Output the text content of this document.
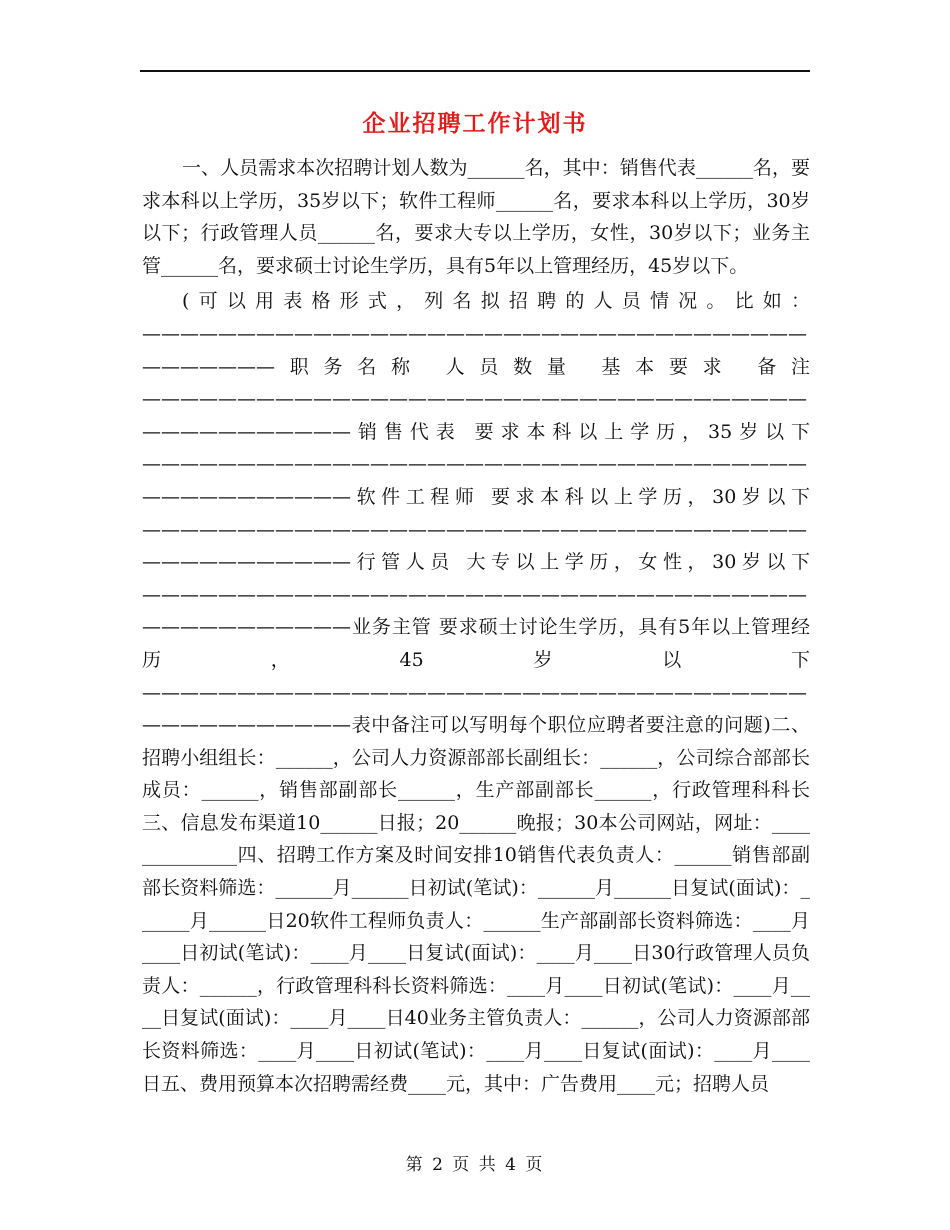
企业招聘工作计划书

一、人员需求本次招聘计划人数为______名，其中：销售代表______名，要求本科以上学历，35岁以下；软件工程师______名，要求本科以上学历，30岁以下；行政管理人员______名，要求大专以上学历，女性，30岁以下；业务主管______名，要求硕士讨论生学历，具有5年以上管理经历，45岁以下。

(可以用表格形式，列名拟招聘的人员情况。比如：——————————————————————————————————————————职务名称 人员数量 基本要求 备注——————————————————————————————————————————————销售代表 要求本科以上学历，35岁以下——————————————————————————————————————————————软件工程师 要求本科以上学历，30岁以下——————————————————————————————————————————————行管人员 大专以上学历，女性，30岁以下——————————————————————————————————————————————业务主管 要求硕士讨论生学历，具有5年以上管理经历，45岁以下——————————————————————————————————————————————表中备注可以写明每个职位应聘者要注意的问题)二、招聘小组组长：______，公司人力资源部部长副组长：______，公司综合部部长成员：______，销售部副部长______，生产部副部长______，行政管理科科长三、信息发布渠道10______日报；20______晚报；30本公司网站，网址：______________四、招聘工作方案及时间安排10销售代表负责人：______销售部副部长资料筛选：______月______日初试(笔试)：______月______日复试(面试)：______月______日20软件工程师负责人：______生产部副部长资料筛选：____月____日初试(笔试)：____月____日复试(面试)：____月____日30行政管理人员负责人：______，行政管理科科长资料筛选：____月____日初试(笔试)：____月____日复试(面试)：____月____日40业务主管负责人：______，公司人力资源部部长资料筛选：____月____日初试(笔试)：____月____日复试(面试)：____月____日五、费用预算本次招聘需经费____元，其中：广告费用____元；招聘人员

第 2 页 共 4 页
